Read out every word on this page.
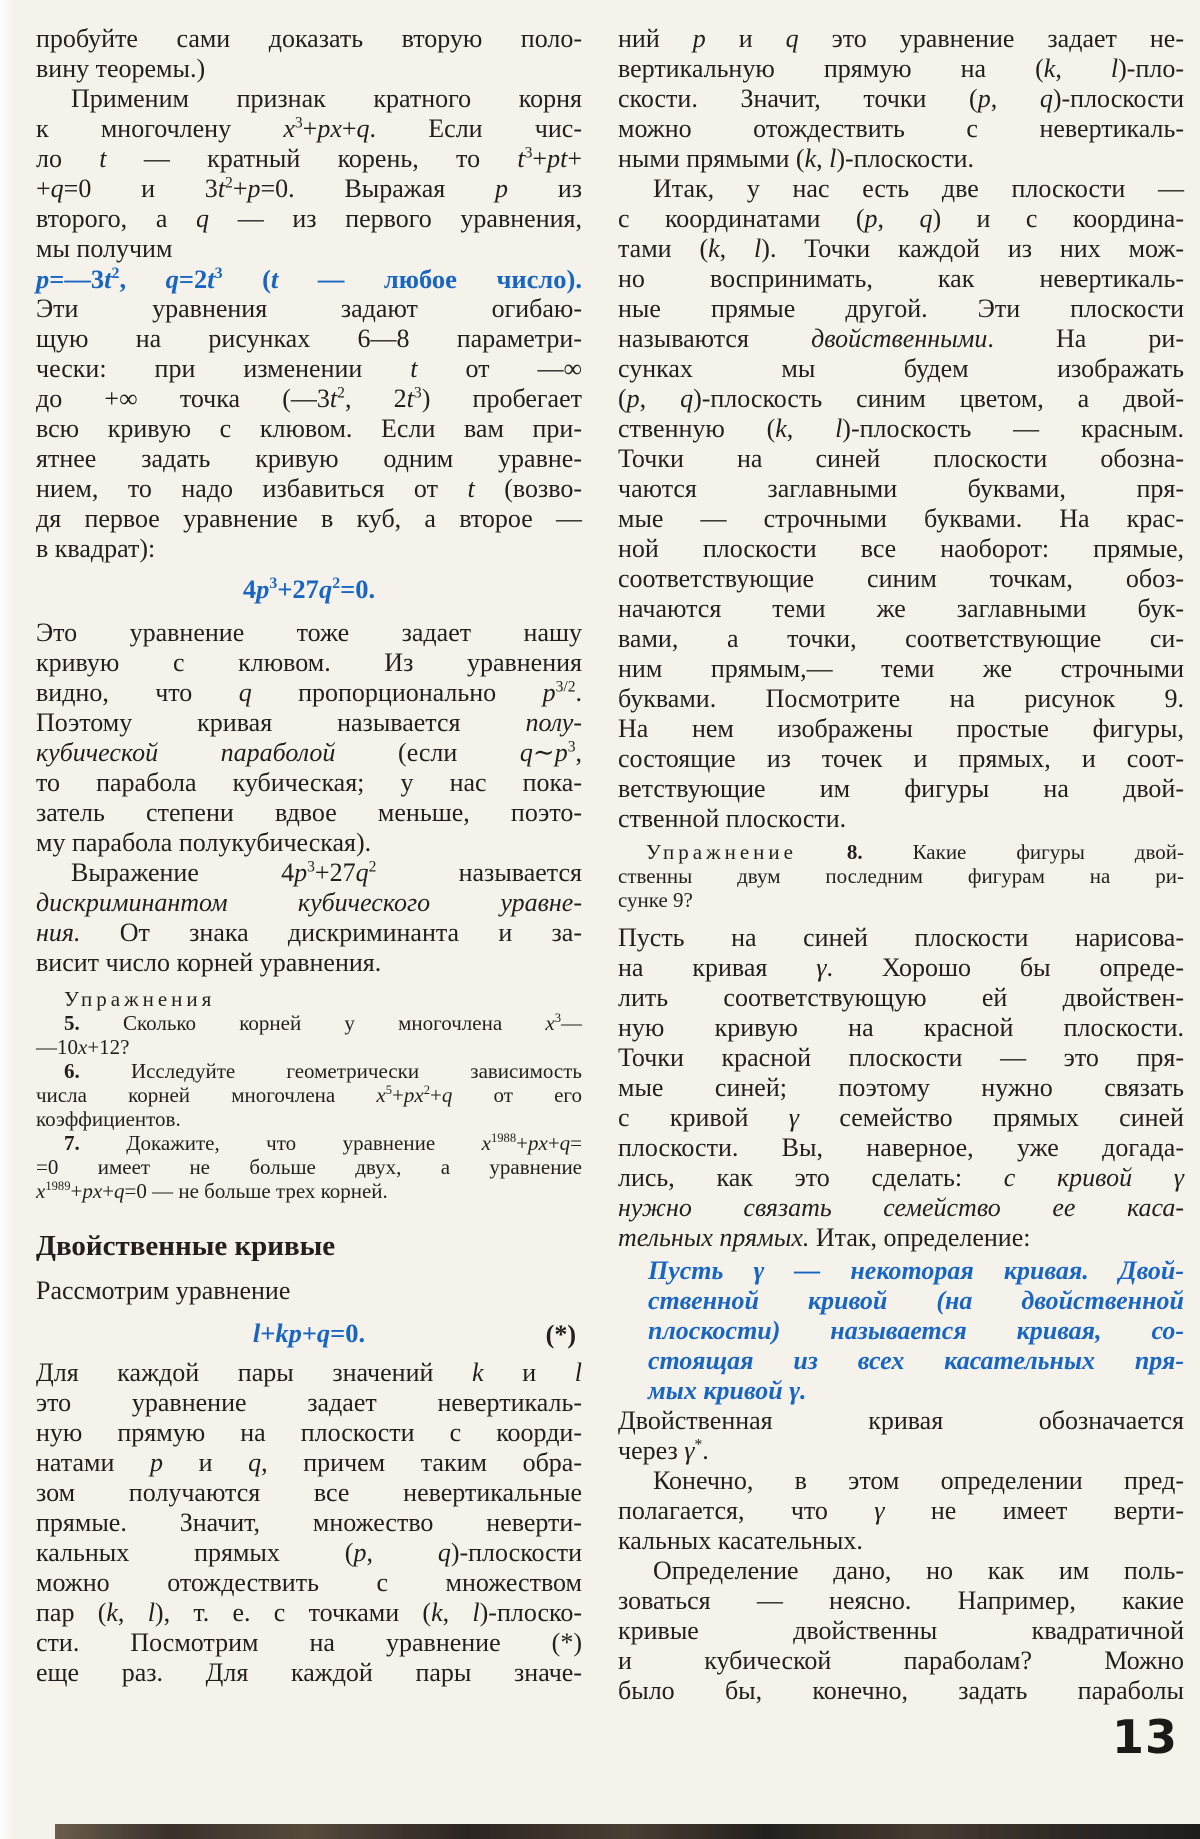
пробуйте сами доказать вторую поло-
вину теоремы.)
Применим признак кратного корня
к многочлену $x^3+px+q$. Если чис-
ло t — кратный корень, то $t^3+pt+$
+q=0 и $3t^2+p=0$. Выражая p из
второго, а q — из первого уравнения,
мы получим
$p=—3t^2$, $q=2t^3$ (t — любое число).
Эти уравнения задают огибаю-
щую на рисунках 6—8 параметри-
чески: при изменении t от —∞
до +∞ точка ($—3t^2$, $2t^3$) пробегает
всю кривую с клювом. Если вам при-
ятнее задать кривую одним уравне-
нием, то надо избавиться от t (возво-
дя первое уравнение в куб, а второе —
в квадрат):
$4p^3+27q^2=0$.
Это уравнение тоже задает нашу
кривую с клювом. Из уравнения
видно, что q пропорционально $p^{3/2}$.
Поэтому кривая называется полу-
кубической параболой (если $q\sim p^3$,
то парабола кубическая; у нас пока-
затель степени вдвое меньше, поэто-
му парабола полукубическая).
Выражение $4p^3+27q^2$ называется
дискриминантом кубического уравне-
ния. От знака дискриминанта и за-
висит число корней уравнения.
Упражнения
5. Сколько корней у многочлена $x^3—$
—10x+12?
6. Исследуйте геометрически зависимость
числа корней многочлена $x^5+px^2+q$ от его
коэффициентов.
7. Докажите, что уравнение $x^{1988}+px+q=$
=0 имеет не больше двух, а уравнение
$x^{1989}+px+q=0$ — не больше трех корней.
Двойственные кривые
Рассмотрим уравнение
l+kp+q=0.	(*)
Для каждой пары значений k и l
это уравнение задает невертикаль-
ную прямую на плоскости с коорди-
натами p и q, причем таким обра-
зом получаются все невертикальные
прямые. Значит, множество неверти-
кальных прямых (p, q)-плоскости
можно отождествить с множеством
пар (k, l), т. е. с точками (k, l)-плоско-
сти. Посмотрим на уравнение (*)
еще раз. Для каждой пары значе-
ний p и q это уравнение задает не-
вертикальную прямую на (k, l)-пло-
скости. Значит, точки (p, q)-плоскости
можно отождествить с невертикаль-
ными прямыми (k, l)-плоскости.
Итак, у нас есть две плоскости —
с координатами (p, q) и с координа-
тами (k, l). Точки каждой из них мож-
но воспринимать, как невертикаль-
ные прямые другой. Эти плоскости
называются двойственными. На ри-
сунках мы будем изображать
(p, q)-плоскость синим цветом, а двой-
ственную (k, l)-плоскость — красным.
Точки на синей плоскости обозна-
чаются заглавными буквами, пря-
мые — строчными буквами. На крас-
ной плоскости все наоборот: прямые,
соответствующие синим точкам, обоз-
начаются теми же заглавными бук-
вами, а точки, соответствующие си-
ним прямым,— теми же строчными
буквами. Посмотрите на рисунок 9.
На нем изображены простые фигуры,
состоящие из точек и прямых, и соот-
ветствующие им фигуры на двой-
ственной плоскости.
Упражнение 8. Какие фигуры двой-
ственны двум последним фигурам на ри-
сунке 9?
Пусть на синей плоскости нарисова-
на кривая γ. Хорошо бы опреде-
лить соответствующую ей двойствен-
ную кривую на красной плоскости.
Точки красной плоскости — это пря-
мые синей; поэтому нужно связать
с кривой γ семейство прямых синей
плоскости. Вы, наверное, уже догада-
лись, как это сделать: с кривой γ
нужно связать семейство ее каса-
тельных прямых. Итак, определение:
Пусть γ — некоторая кривая. Двой-
ственной кривой (на двойственной
плоскости) называется кривая, со-
стоящая из всех касательных пря-
мых кривой γ.
Двойственная кривая обозначается
через γ*.
Конечно, в этом определении пред-
полагается, что γ не имеет верти-
кальных касательных.
Определение дано, но как им поль-
зоваться — неясно. Например, какие
кривые двойственны квадратичной
и кубической параболам? Можно
было бы, конечно, задать параболы
13
